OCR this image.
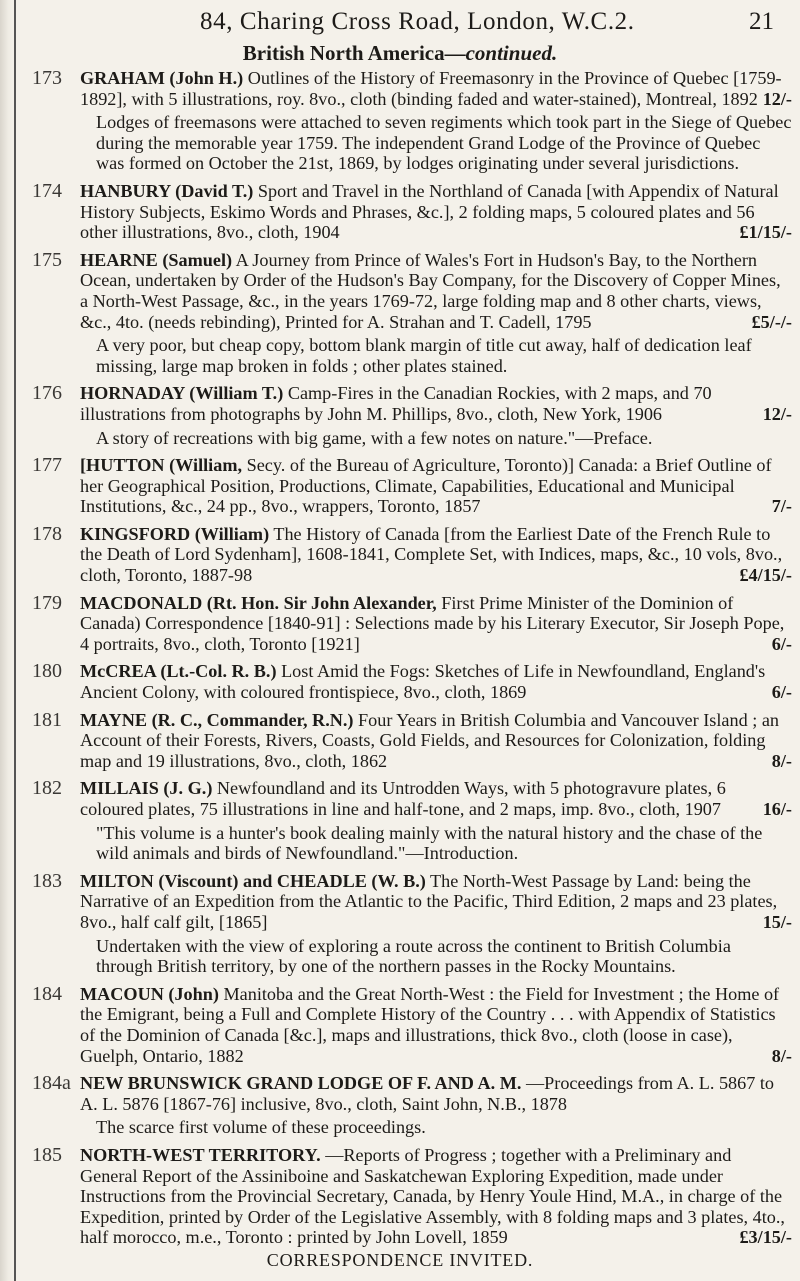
84, Charing Cross Road, London, W.C.2.	21
British North America—continued.
173 GRAHAM (John H.) Outlines of the History of Freemasonry in the Province of Quebec [1759-1892], with 5 illustrations, roy. 8vo., cloth (binding faded and water-stained), Montreal, 1892 12/-
Lodges of freemasons were attached to seven regiments which took part in the Siege of Quebec during the memorable year 1759. The independent Grand Lodge of the Province of Quebec was formed on October the 21st, 1869, by lodges originating under several jurisdictions.
174 HANBURY (David T.) Sport and Travel in the Northland of Canada [with Appendix of Natural History Subjects, Eskimo Words and Phrases, &c.], 2 folding maps, 5 coloured plates and 56 other illustrations, 8vo., cloth, 1904	£1/15/-
175 HEARNE (Samuel) A Journey from Prince of Wales's Fort in Hudson's Bay, to the Northern Ocean, undertaken by Order of the Hudson's Bay Company, for the Discovery of Copper Mines, a North-West Passage, &c., in the years 1769-72, large folding map and 8 other charts, views, &c., 4to. (needs rebinding), Printed for A. Strahan and T. Cadell, 1795	£5/-/-
A very poor, but cheap copy, bottom blank margin of title cut away, half of dedication leaf missing, large map broken in folds ; other plates stained.
176 HORNADAY (William T.) Camp-Fires in the Canadian Rockies, with 2 maps, and 70 illustrations from photographs by John M. Phillips, 8vo., cloth, New York, 1906	12/-
A story of recreations with big game, with a few notes on nature."—Preface.
177 [HUTTON (William, Secy. of the Bureau of Agriculture, Toronto)] Canada: a Brief Outline of her Geographical Position, Productions, Climate, Capabilities, Educational and Municipal Institutions, &c., 24 pp., 8vo., wrappers, Toronto, 1857	7/-
178 KINGSFORD (William) The History of Canada [from the Earliest Date of the French Rule to the Death of Lord Sydenham], 1608-1841, Complete Set, with Indices, maps, &c., 10 vols, 8vo., cloth, Toronto, 1887-98	£4/15/-
179 MACDONALD (Rt. Hon. Sir John Alexander, First Prime Minister of the Dominion of Canada) Correspondence [1840-91] : Selections made by his Literary Executor, Sir Joseph Pope, 4 portraits, 8vo., cloth, Toronto [1921]	6/-
180 McCREA (Lt.-Col. R. B.) Lost Amid the Fogs: Sketches of Life in Newfoundland, England's Ancient Colony, with coloured frontispiece, 8vo., cloth, 1869	6/-
181 MAYNE (R. C., Commander, R.N.) Four Years in British Columbia and Vancouver Island ; an Account of their Forests, Rivers, Coasts, Gold Fields, and Resources for Colonization, folding map and 19 illustrations, 8vo., cloth, 1862	8/-
182 MILLAIS (J. G.) Newfoundland and its Untrodden Ways, with 5 photogravure plates, 6 coloured plates, 75 illustrations in line and half-tone, and 2 maps, imp. 8vo., cloth, 1907 16/-
"This volume is a hunter's book dealing mainly with the natural history and the chase of the wild animals and birds of Newfoundland."—Introduction.
183 MILTON (Viscount) and CHEADLE (W. B.) The North-West Passage by Land: being the Narrative of an Expedition from the Atlantic to the Pacific, Third Edition, 2 maps and 23 plates, 8vo., half calf gilt, [1865]	15/-
Undertaken with the view of exploring a route across the continent to British Columbia through British territory, by one of the northern passes in the Rocky Mountains.
184 MACOUN (John) Manitoba and the Great North-West : the Field for Investment ; the Home of the Emigrant, being a Full and Complete History of the Country . . . with Appendix of Statistics of the Dominion of Canada [&c.], maps and illustrations, thick 8vo., cloth (loose in case), Guelph, Ontario, 1882	8/-
184a NEW BRUNSWICK GRAND LODGE OF F. AND A. M. —Proceedings from A. L. 5867 to A. L. 5876 [1867-76] inclusive, 8vo., cloth, Saint John, N.B., 1878
The scarce first volume of these proceedings.
185 NORTH-WEST TERRITORY. —Reports of Progress ; together with a Preliminary and General Report of the Assiniboine and Saskatchewan Exploring Expedition, made under Instructions from the Provincial Secretary, Canada, by Henry Youle Hind, M.A., in charge of the Expedition, printed by Order of the Legislative Assembly, with 8 folding maps and 3 plates, 4to., half morocco, m.e., Toronto : printed by John Lovell, 1859	£3/15/-
CORRESPONDENCE INVITED.
